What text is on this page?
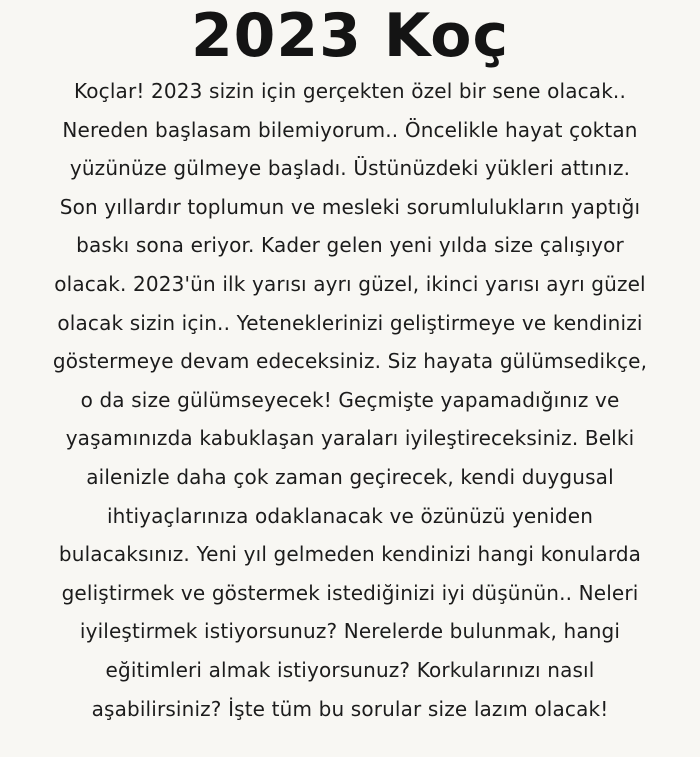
2023 Koç
Koçlar! 2023 sizin için gerçekten özel bir sene olacak..
Nereden başlasam bilemiyorum.. Öncelikle hayat çoktan
yüzünüze gülmeye başladı. Üstünüzdeki yükleri attınız.
Son yıllardır toplumun ve mesleki sorumlulukların yaptığı
baskı sona eriyor. Kader gelen yeni yılda size çalışıyor
olacak. 2023'ün ilk yarısı ayrı güzel, ikinci yarısı ayrı güzel
olacak sizin için.. Yeteneklerinizi geliştirmeye ve kendinizi
göstermeye devam edeceksiniz. Siz hayata gülümsedikçe,
o da size gülümseyecek! Geçmişte yapamadığınız ve
yaşamınızda kabuklaşan yaraları iyileştireceksiniz. Belki
ailenizle daha çok zaman geçirecek, kendi duygusal
ihtiyaçlarınıza odaklanacak ve özünüzü yeniden
bulacaksınız. Yeni yıl gelmeden kendinizi hangi konularda
geliştirmek ve göstermek istediğinizi iyi düşünün.. Neleri
iyileştirmek istiyorsunuz? Nerelerde bulunmak, hangi
eğitimleri almak istiyorsunuz? Korkularınızı nasıl
aşabilirsiniz? İşte tüm bu sorular size lazım olacak!
